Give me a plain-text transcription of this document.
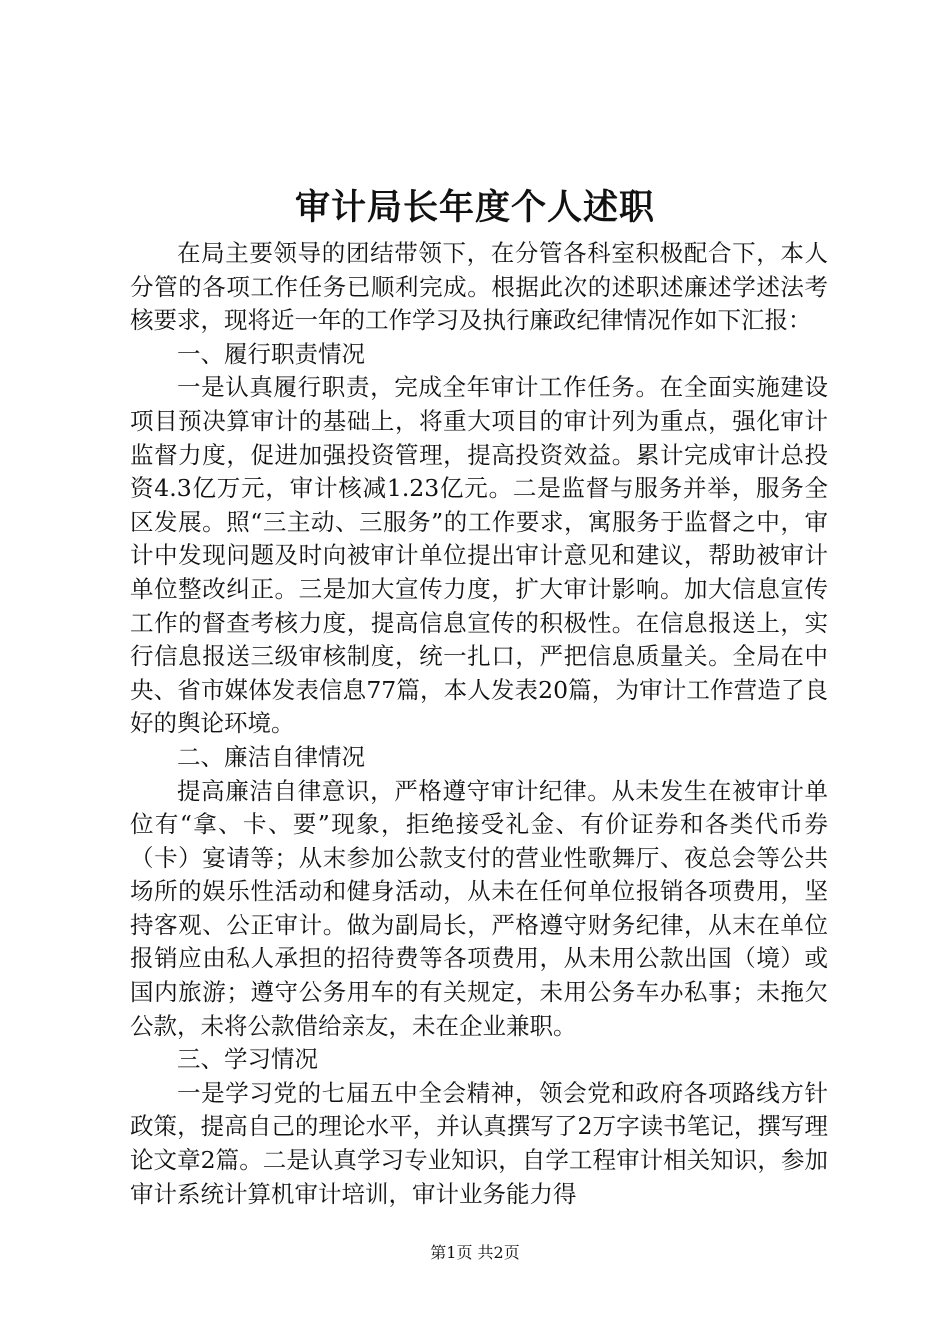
审计局长年度个人述职

在局主要领导的团结带领下，在分管各科室积极配合下，本人分管的各项工作任务已顺利完成。根据此次的述职述廉述学述法考核要求，现将近一年的工作学习及执行廉政纪律情况作如下汇报：

一、履行职责情况

一是认真履行职责，完成全年审计工作任务。在全面实施建设项目预决算审计的基础上，将重大项目的审计列为重点，强化审计监督力度，促进加强投资管理，提高投资效益。累计完成审计总投资4.3亿万元，审计核减1.23亿元。二是监督与服务并举，服务全区发展。照“三主动、三服务”的工作要求，寓服务于监督之中，审计中发现问题及时向被审计单位提出审计意见和建议，帮助被审计单位整改纠正。三是加大宣传力度，扩大审计影响。加大信息宣传工作的督查考核力度，提高信息宣传的积极性。在信息报送上，实行信息报送三级审核制度，统一扎口，严把信息质量关。全局在中央、省市媒体发表信息77篇，本人发表20篇，为审计工作营造了良好的舆论环境。

二、廉洁自律情况

提高廉洁自律意识，严格遵守审计纪律。从未发生在被审计单位有“拿、卡、要”现象，拒绝接受礼金、有价证券和各类代币券（卡）宴请等；从末参加公款支付的营业性歌舞厅、夜总会等公共场所的娱乐性活动和健身活动，从未在任何单位报销各项费用，坚持客观、公正审计。做为副局长，严格遵守财务纪律，从末在单位报销应由私人承担的招待费等各项费用，从未用公款出国（境）或国内旅游；遵守公务用车的有关规定，未用公务车办私事；未拖欠公款，未将公款借给亲友，未在企业兼职。

三、学习情况

一是学习党的七届五中全会精神，领会党和政府各项路线方针政策，提高自己的理论水平，并认真撰写了2万字读书笔记，撰写理论文章2篇。二是认真学习专业知识，自学工程审计相关知识，参加审计系统计算机审计培训，审计业务能力得

第1页 共2页
